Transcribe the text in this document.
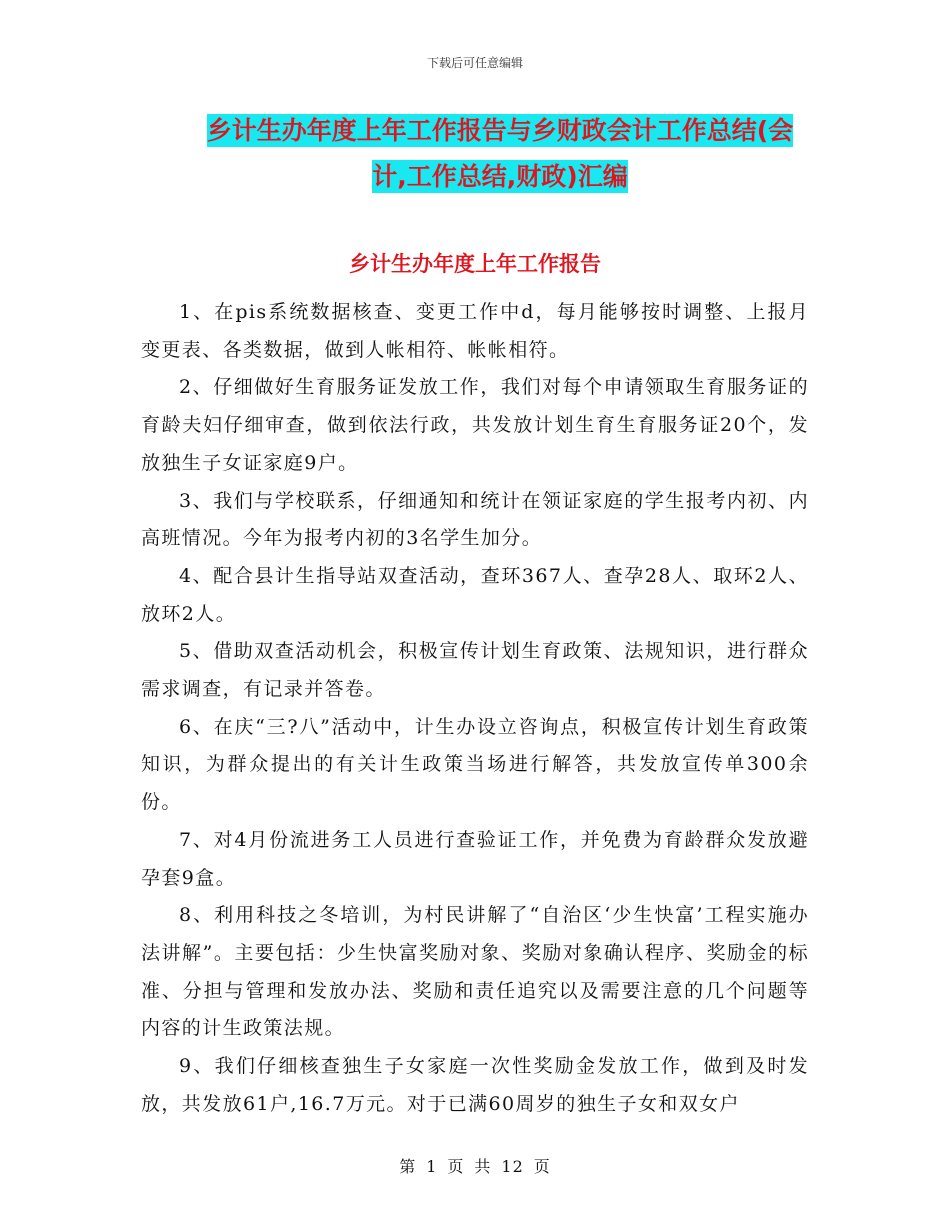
下载后可任意编辑
乡计生办年度上年工作报告与乡财政会计工作总结(会
计,工作总结,财政)汇编
乡计生办年度上年工作报告

1、在pis系统数据核查、变更工作中d，每月能够按时调整、上报月变更表、各类数据，做到人帐相符、帐帐相符。

2、仔细做好生育服务证发放工作，我们对每个申请领取生育服务证的育龄夫妇仔细审查，做到依法行政，共发放计划生育生育服务证20个，发放独生子女证家庭9户。

3、我们与学校联系，仔细通知和统计在领证家庭的学生报考内初、内高班情况。今年为报考内初的3名学生加分。

4、配合县计生指导站双查活动，查环367人、查孕28人、取环2人、放环2人。

5、借助双查活动机会，积极宣传计划生育政策、法规知识，进行群众需求调查，有记录并答卷。

6、在庆“三?八”活动中，计生办设立咨询点，积极宣传计划生育政策知识，为群众提出的有关计生政策当场进行解答，共发放宣传单300余份。

7、对4月份流进务工人员进行查验证工作，并免费为育龄群众发放避孕套9盒。

8、利用科技之冬培训，为村民讲解了“自治区‘少生快富’工程实施办法讲解”。主要包括：少生快富奖励对象、奖励对象确认程序、奖励金的标准、分担与管理和发放办法、奖励和责任追究以及需要注意的几个问题等内容的计生政策法规。

9、我们仔细核查独生子女家庭一次性奖励金发放工作，做到及时发放，共发放61户,16.7万元。对于已满60周岁的独生子女和双女户

第 1 页 共 12 页
